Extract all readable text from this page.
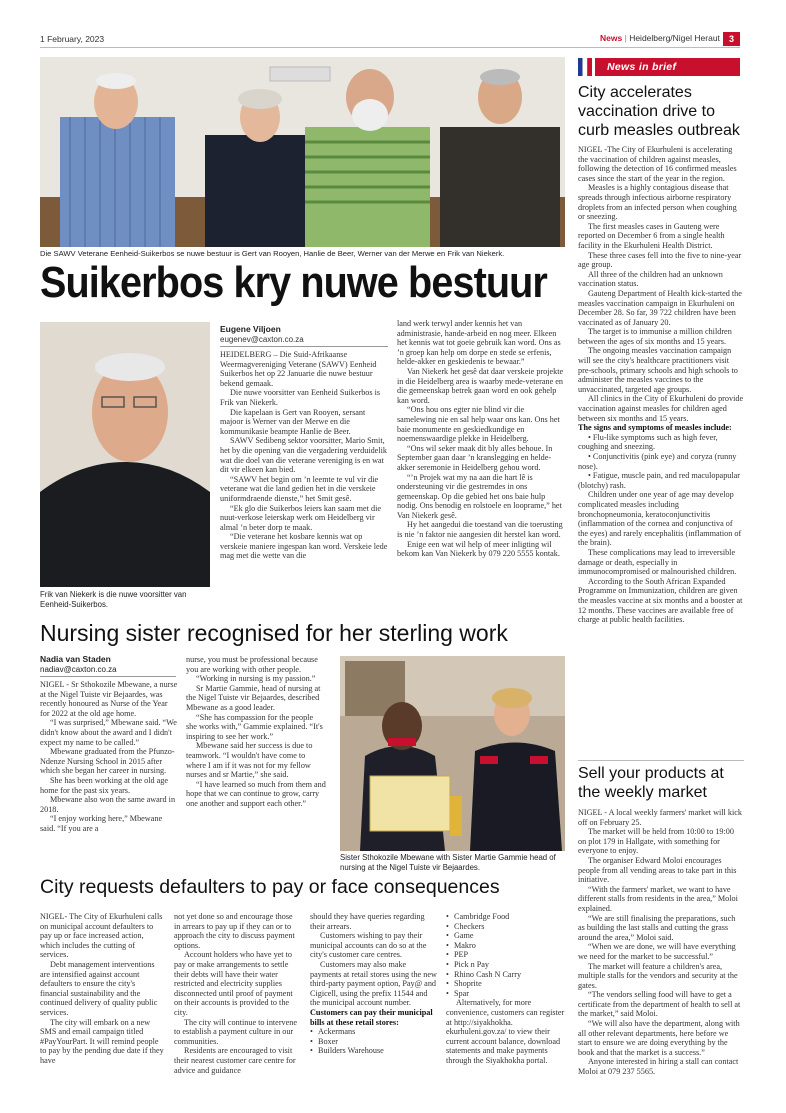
1 February, 2023	News | Heidelberg/Nigel Heraut	3
News in brief
Die SAWV Veterane Eenheid-Suikerbos se nuwe bestuur is Gert van Rooyen, Hanlie de Beer, Werner van der Merwe en Frik van Niekerk.
Suikerbos kry nuwe bestuur
Frik van Niekerk is die nuwe voorsitter van Eenheid-Suikerbos.
Eugene Viljoen
eugenev@caxton.co.za

HEIDELBERG – Die Suid-Afrikaanse Weermagvereniging Veterane (SAWV) Eenheid Suikerbos het op 22 Januarie die nuwe bestuur bekend gemaak.

Die nuwe voorsitter van Eenheid Suikerbos is Frik van Niekerk.

Die kapelaan is Gert van Rooyen, sersant majoor is Werner van der Merwe en die kommunikasie beampte Hanlie de Beer.

SAWV Sedibeng sektor voorsitter, Mario Smit, het by die opening van die vergadering verduidelik wat die doel van die veterane vereniging is en wat dit vir elkeen kan bied.

“SAWV het begin om ’n leemte te vul vir die veterane wat die land gedien het in die verskeie uniformdraende dienste,” het Smit gesê.

“Ek glo die Suikerbos leiers kan saam met die nuut-verkose leierskap werk om Heidelberg vir almal ’n beter dorp te maak.

“Die veterane het kosbare kennis wat op verskeie maniere ingespan kan word. Verskeie lede mag met die wette van die

land werk terwyl ander kennis het van administrasie, hande-arbeid en nog meer. Elkeen het kennis wat tot goeie gebruik kan word. Ons as ’n groep kan help om dorpe en stede se erfenis, helde-akker en geskiedenis te bewaar.”

Van Niekerk het gesê dat daar verskeie projekte in die Heidelberg area is waarby mede-veterane en die gemeenskap betrek gaan word en ook gehelp kan word.

“Ons hou ons egter nie blind vir die samelewing nie en sal help waar ons kan. Ons het baie monumente en geskiedkundige en noemenswaardige plekke in Heidelberg.

“Ons wil seker maak dit bly alles behoue. In September gaan daar ’n kranslegging en helde-akker seremonie in Heidelberg gehou word.

“’n Projek wat my na aan die hart lê is ondersteuning vir die gestremdes in ons gemeenskap. Op die gebied het ons baie hulp nodig. Ons benodig en rolstoele en looprame,” het Van Niekerk gesê.

Hy het aangedui die toestand van die toerusting is nie ’n faktor nie aangesien dit herstel kan word.

Enige een wat wil help of meer inligting wil bekom kan Van Niekerk by 079 220 5555 kontak.

Nursing sister recognised for her sterling work
Nadia van Staden
nadiav@caxton.co.za

NIGEL - Sr Sthokozile Mbewane, a nurse at the Nigel Tuiste vir Bejaardes, was recently honoured as Nurse of the Year for 2022 at the old age home.

“I was surprised,” Mbewane said. “We didn't know about the award and I didn't expect my name to be called.”

Mbewane graduated from the Pfunzo-Ndenze Nursing School in 2015 after which she began her career in nursing.

She has been working at the old age home for the past six years.

Mbewane also won the same award in 2018.

“I enjoy working here,” Mbewane said. “If you are a

nurse, you must be professional because you are working with other people.

“Working in nursing is my passion.”

Sr Martie Gammie, head of nursing at the Nigel Tuiste vir Bejaardes, described Mbewane as a good leader.

“She has compassion for the people she works with,” Gammie explained. “It's inspiring to see her work.”

Mbewane said her success is due to teamwork. “I wouldn't have come to where I am if it was not for my fellow nurses and sr Martie,” she said.

“I have learned so much from them and hope that we can continue to grow, carry one another and support each other.”

Sister Sthokozile Mbewane with Sister Martie Gammie head of nursing at the Nigel Tuiste vir Bejaardes.
City requests defaulters to pay or face consequences

NIGEL- The City of Ekurhuleni calls on municipal account defaulters to pay up or face increased action, which includes the cutting of services.

Debt management interventions are intensified against account defaulters to ensure the city's financial sustainability and the continued delivery of quality public services.

The city will embark on a new SMS and email campaign titled #PayYourPart. It will remind people to pay by the pending due date if they have

not yet done so and encourage those in arrears to pay up if they can or to approach the city to discuss payment options.

Account holders who have yet to pay or make arrangements to settle their debts will have their water restricted and electricity supplies disconnected until proof of payment on their accounts is provided to the city.

The city will continue to intervene to establish a payment culture in our communities.

Residents are encouraged to visit their nearest customer care centre for advice and guidance

should they have queries regarding their arrears.

Customers wishing to pay their municipal accounts can do so at the city's customer care centres.

Customers may also make payments at retail stores using the new third-party payment option, Pay@ and Cigicell, using the prefix 11544 and the municipal account number.

Customers can pay their municipal bills at these retail stores:

• Ackermans
• Boxer
• Builders Warehouse
• Cambridge Food
• Checkers
• Game
• Makro
• PEP
• Pick n Pay
• Rhino Cash N Carry
• Shoprite
• Spar

Alternatively, for more convenience, customers can register at http://siyakhokha. ekurhuleni.gov.za/ to view their current account balance, download statements and make payments through the Siyakhokha portal.

City accelerates vaccination drive to curb measles outbreak

NIGEL -The City of Ekurhuleni is accelerating the vaccination of children against measles, following the detection of 16 confirmed measles cases since the start of the year in the region.

Measles is a highly contagious disease that spreads through infectious airborne respiratory droplets from an infected person when coughing or sneezing.

The first measles cases in Gauteng were reported on December 6 from a single health facility in the Ekurhuleni Health District.

These three cases fell into the five to nine-year age group.

All three of the children had an unknown vaccination status.

Gauteng Department of Health kick-started the measles vaccination campaign in Ekurhuleni on December 28. So far, 39 722 children have been vaccinated as of January 20.

The target is to immunise a million children between the ages of six months and 15 years.

The ongoing measles vaccination campaign will see the city's healthcare practitioners visit pre-schools, primary schools and high schools to administer the measles vaccines to the unvaccinated, targeted age groups.

All clinics in the City of Ekurhuleni do provide vaccination against measles for children aged between six months and 15 years.

The signs and symptoms of measles include:

• Flu-like symptoms such as high fever, coughing and sneezing.

• Conjunctivitis (pink eye) and coryza (runny nose).

• Fatigue, muscle pain, and red maculopapular (blotchy) rash.

Children under one year of age may develop complicated measles including bronchopneumonia, keratoconjunctivitis (inflammation of the cornea and conjunctiva of the eyes) and rarely encephalitis (inflammation of the brain).

These complications may lead to irreversible damage or death, especially in immunocompromised or malnourished children.

According to the South African Expanded Programme on Immunization, children are given the measles vaccine at six months and a booster at 12 months. These vaccines are available free of charge at public health facilities.

Sell your products at the weekly market

NIGEL - A local weekly farmers' market will kick off on February 25.

The market will be held from 10:00 to 19:00 on plot 179 in Hallgate, with something for everyone to enjoy.

The organiser Edward Moloi encourages people from all vending areas to take part in this initiative.

“With the farmers' market, we want to have different stalls from residents in the area,” Moloi explained.

“We are still finalising the preparations, such as building the last stalls and cutting the grass around the area,” Moloi said.

“When we are done, we will have everything we need for the market to be successful.”

The market will feature a children's area, multiple stalls for the vendors and security at the gates.

“The vendors selling food will have to get a certificate from the department of health to sell at the market,” said Moloi.

“We will also have the department, along with all other relevant departments, here before we start to ensure we are doing everything by the book and that the market is a success.”

Anyone interested in hiring a stall can contact Moloi at 079 237 5565.
